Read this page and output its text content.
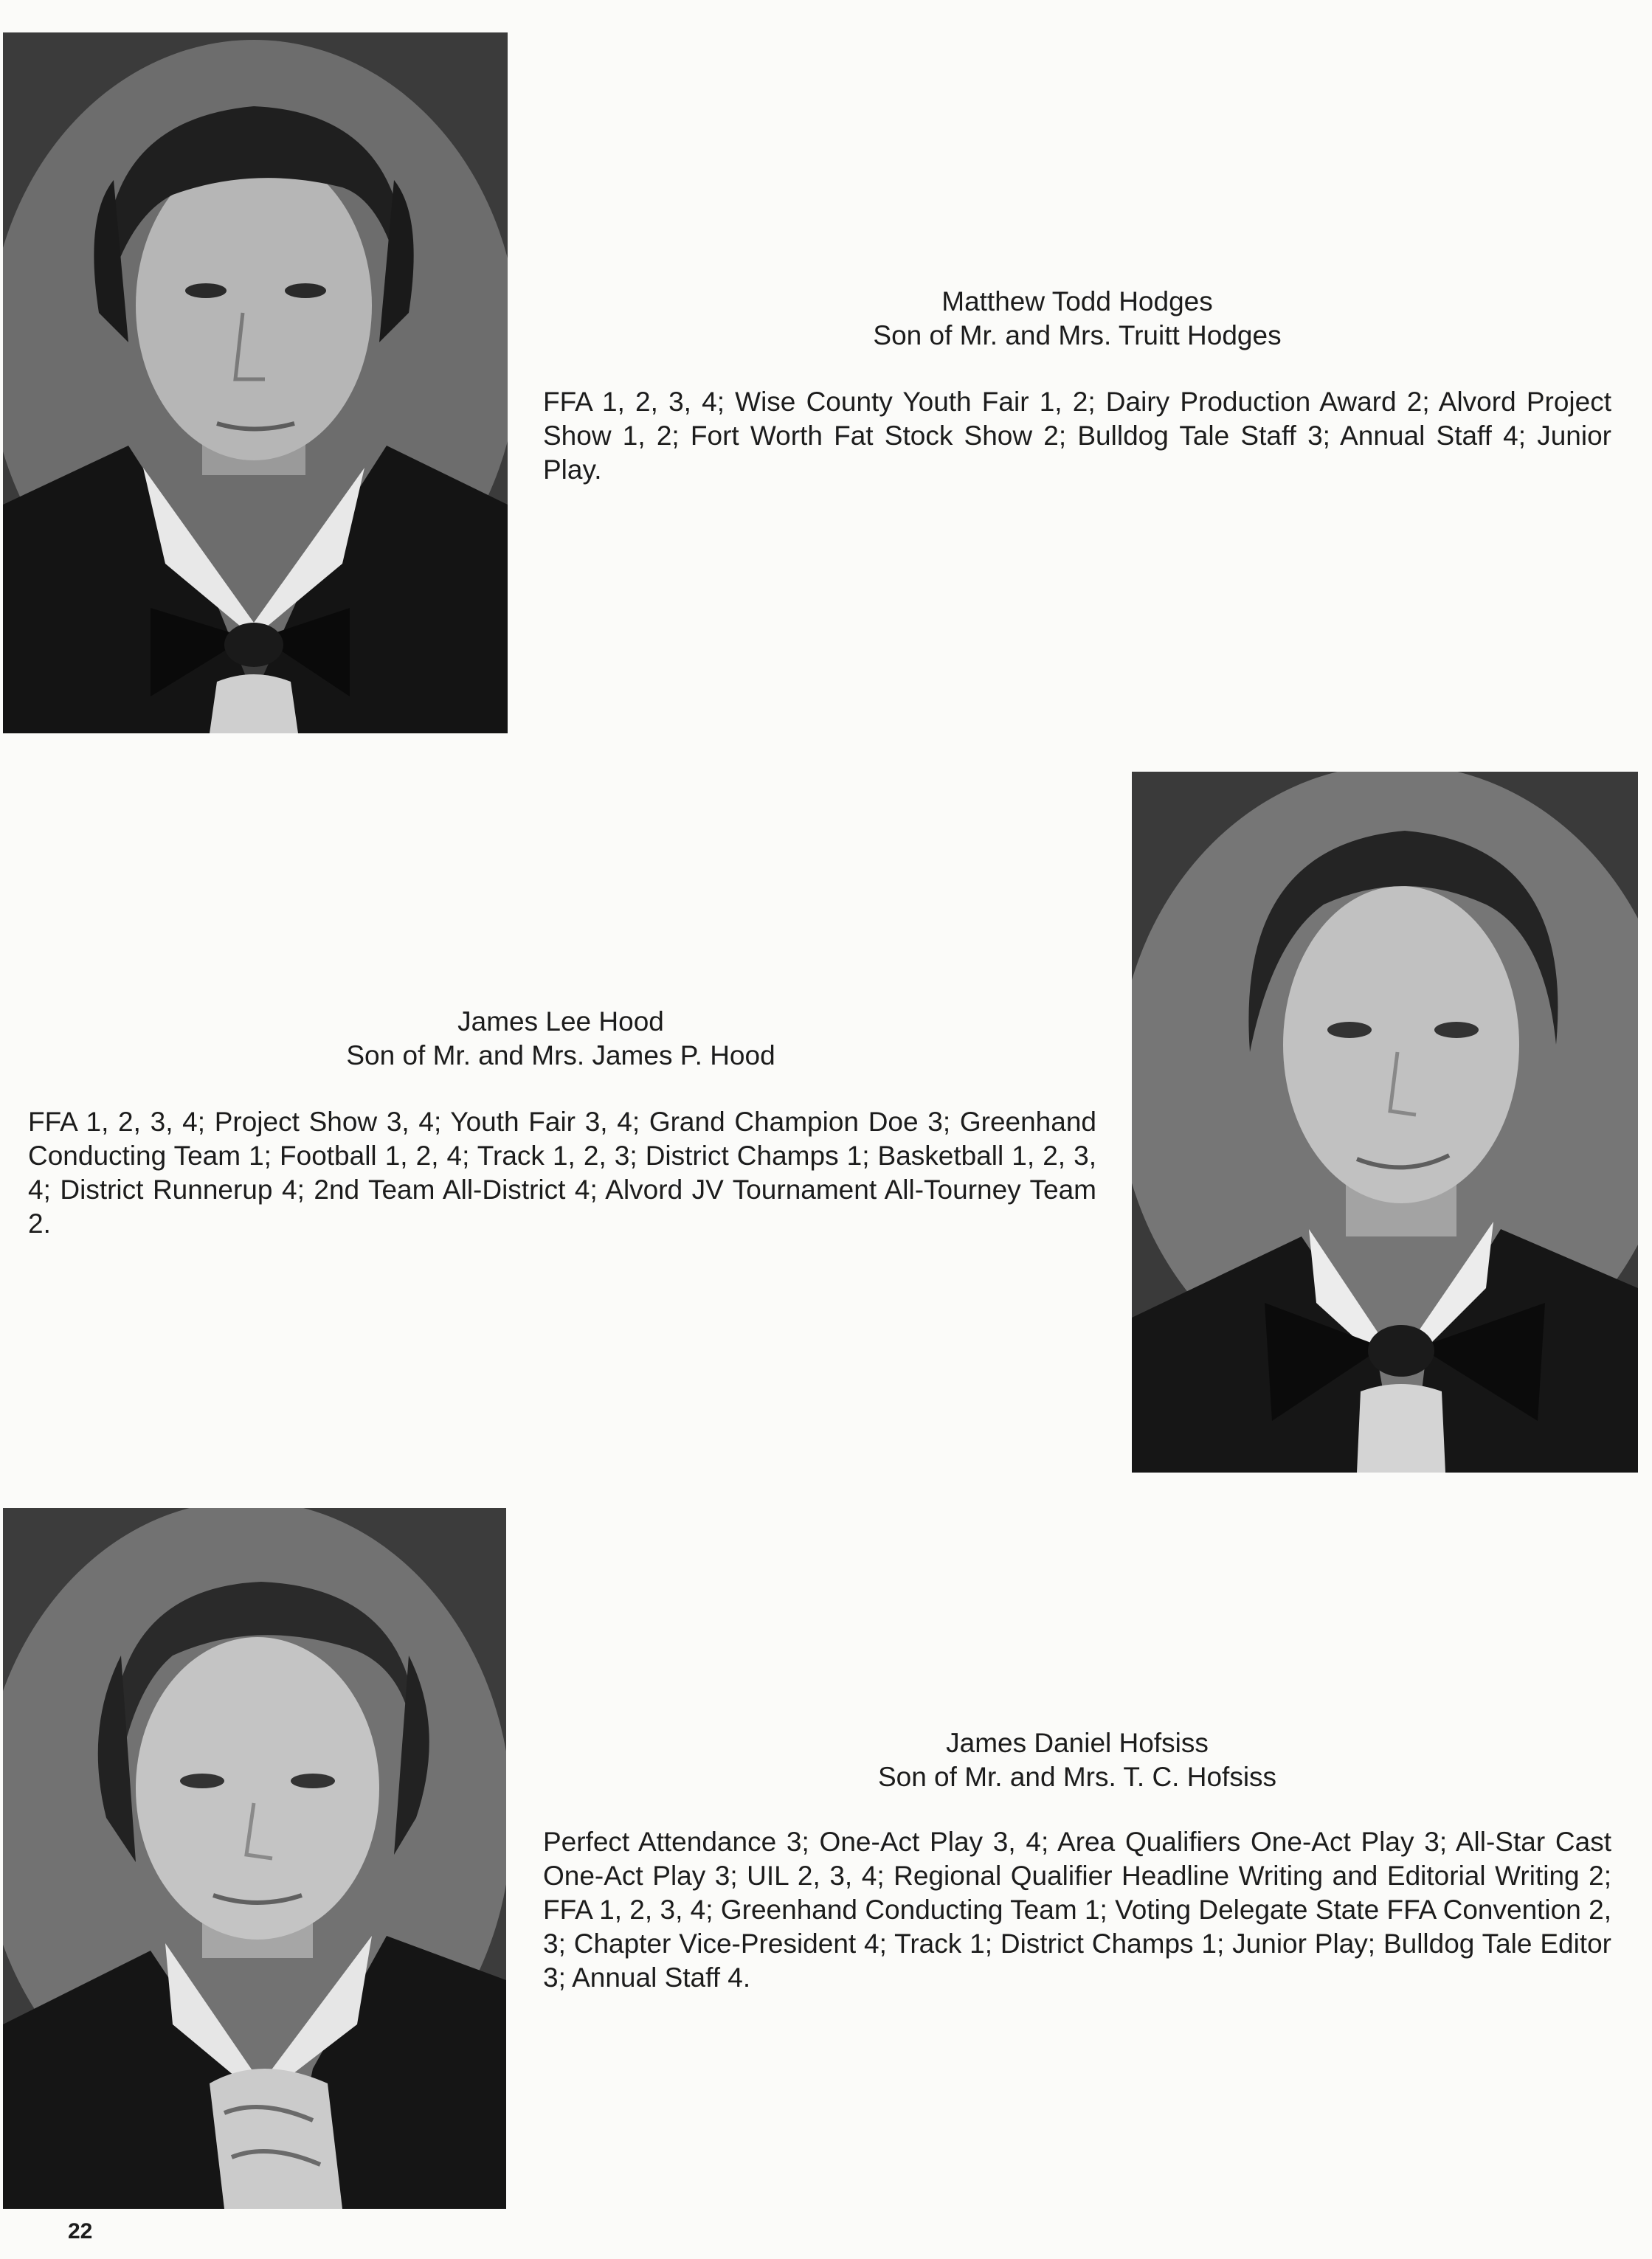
Matthew Todd Hodges
Son of Mr. and Mrs. Truitt Hodges
FFA 1, 2, 3, 4; Wise County Youth Fair 1, 2; Dairy Production Award 2; Alvord Project Show 1, 2; Fort Worth Fat Stock Show 2; Bulldog Tale Staff 3; Annual Staff 4; Junior Play.
James Lee Hood
Son of Mr. and Mrs. James P. Hood
FFA 1, 2, 3, 4; Project Show 3, 4; Youth Fair 3, 4; Grand Champion Doe 3; Greenhand Conducting Team 1; Football 1, 2, 4; Track 1, 2, 3; District Champs 1; Basketball 1, 2, 3, 4; District Runnerup 4; 2nd Team All-District 4; Alvord JV Tournament All-Tourney Team 2.
James Daniel Hofsiss
Son of Mr. and Mrs. T. C. Hofsiss
Perfect Attendance 3; One-Act Play 3, 4; Area Qualifiers One-Act Play 3; All-Star Cast One-Act Play 3; UIL 2, 3, 4; Regional Qualifier Headline Writing and Editorial Writing 2; FFA 1, 2, 3, 4; Greenhand Conducting Team 1; Voting Delegate State FFA Convention 2, 3; Chapter Vice-President 4; Track 1; District Champs 1; Junior Play; Bulldog Tale Editor 3; Annual Staff 4.
22
